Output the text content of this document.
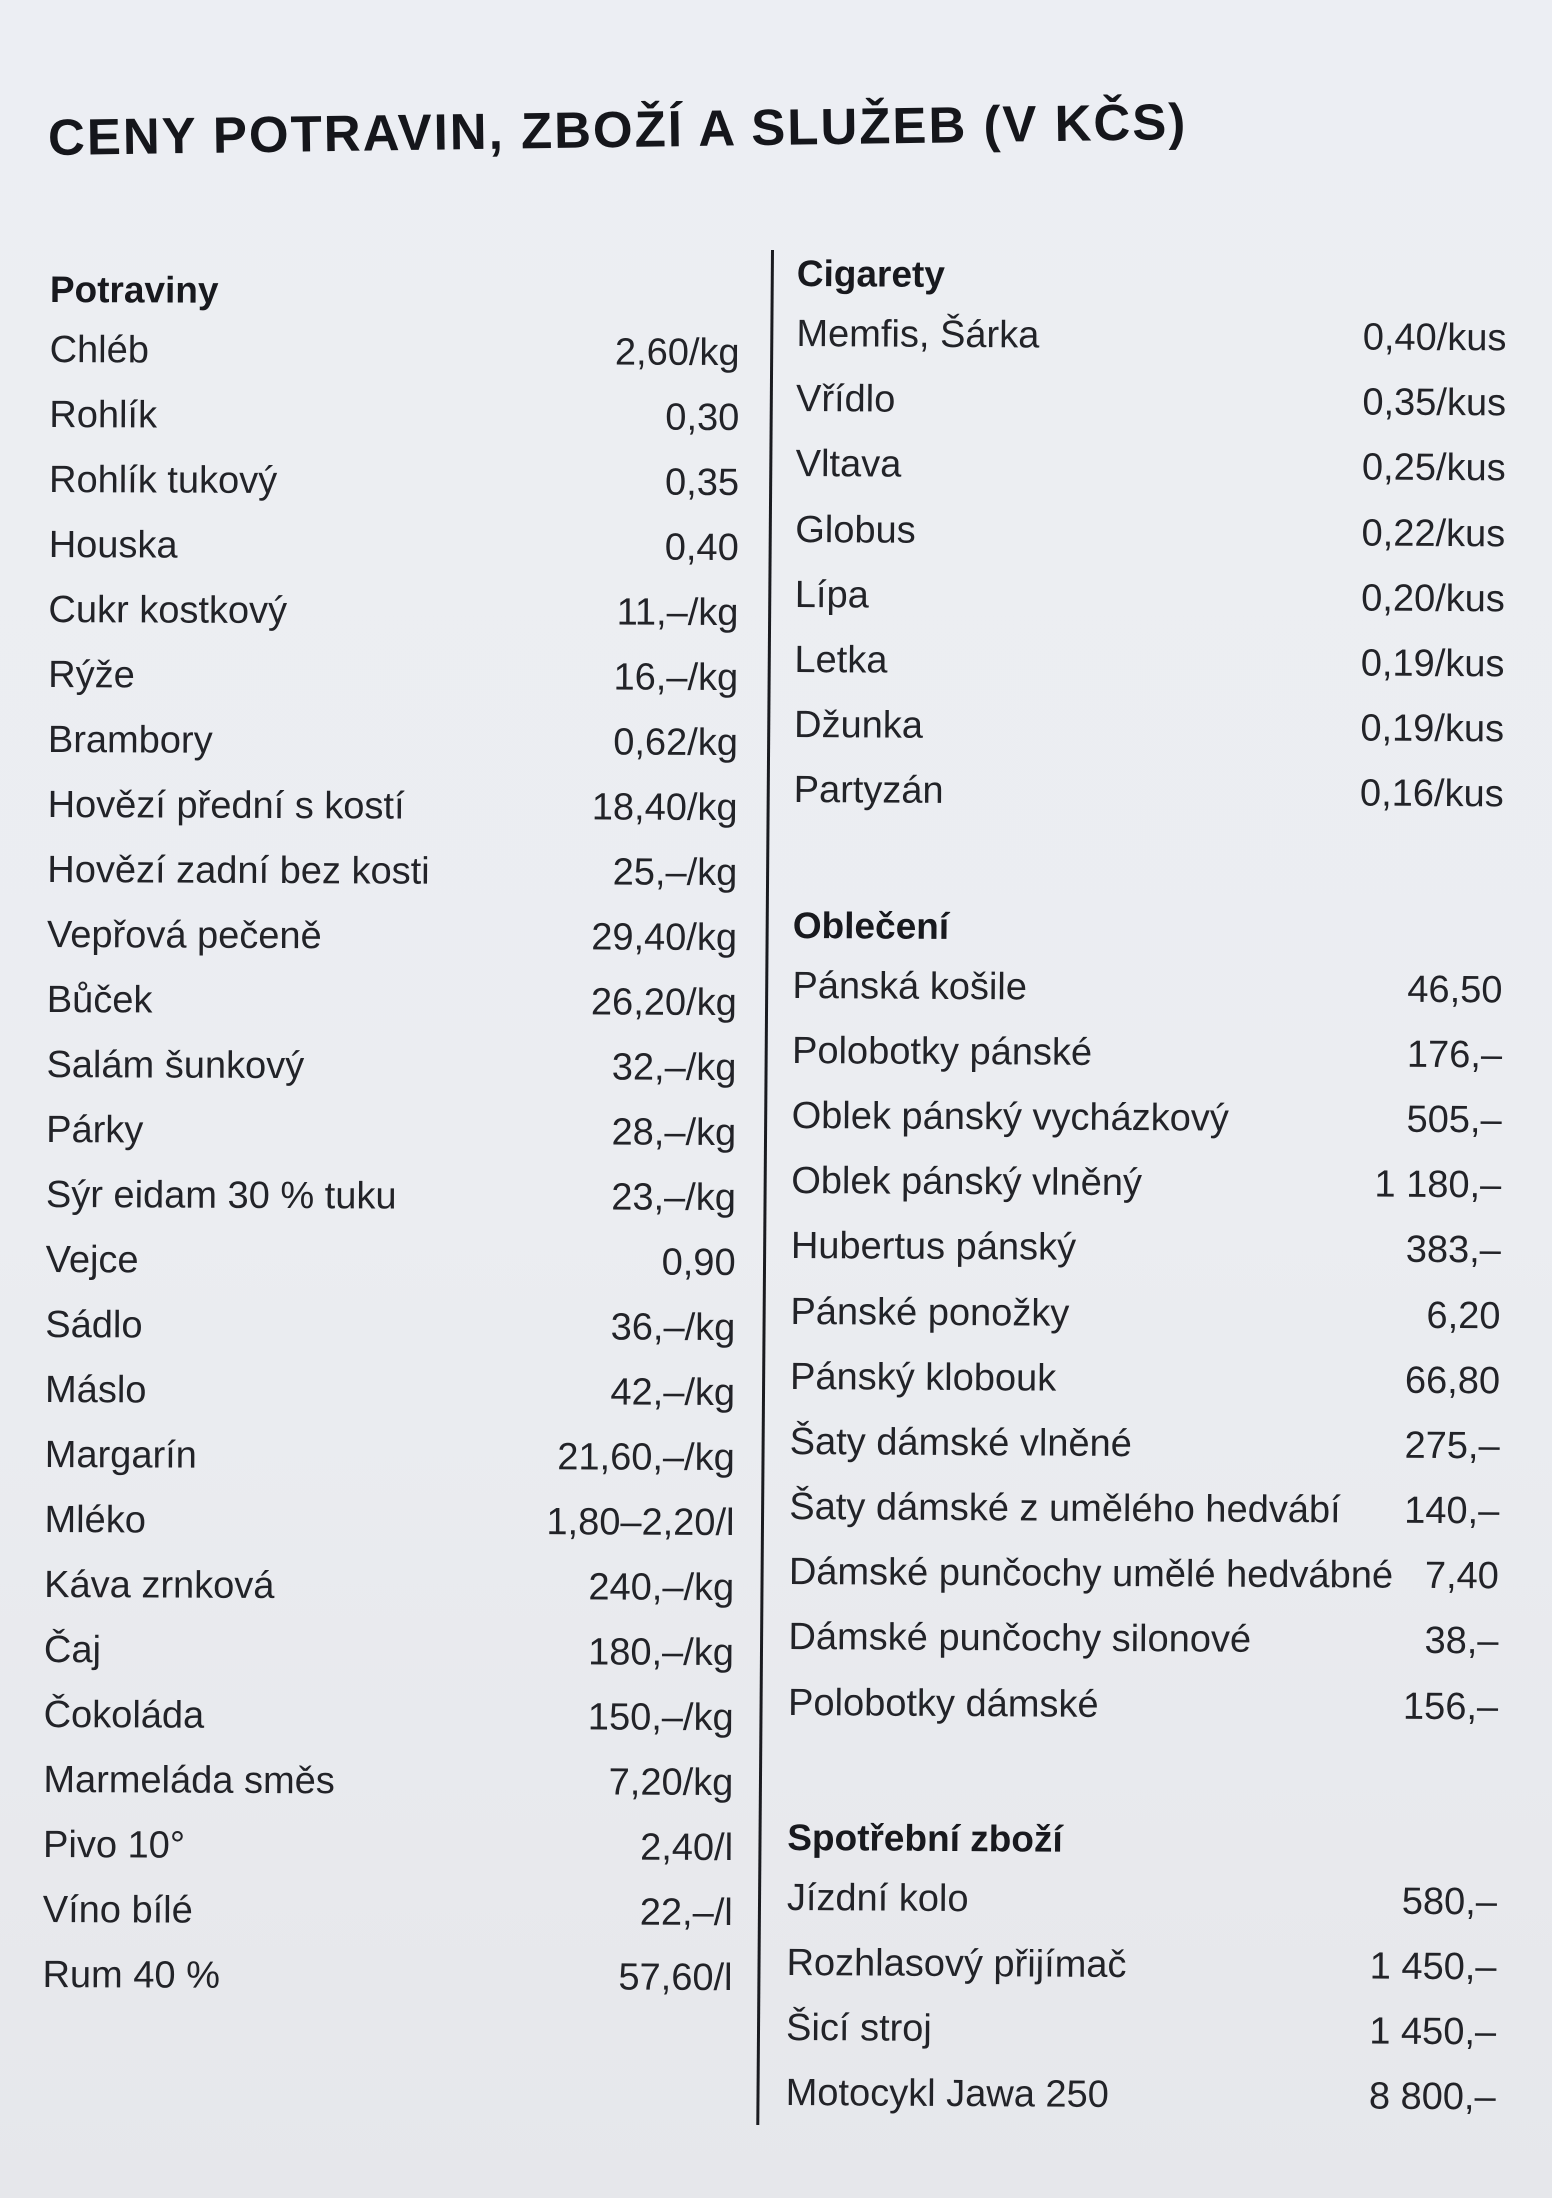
CENY POTRAVIN, ZBOŽÍ A SLUŽEB (V KČS)
Potraviny
Chléb	2,60/kg
Rohlík	0,30
Rohlík tukový	0,35
Houska	0,40
Cukr kostkový	11,–/kg
Rýže	16,–/kg
Brambory	0,62/kg
Hovězí přední s kostí	18,40/kg
Hovězí zadní bez kosti	25,–/kg
Vepřová pečeně	29,40/kg
Bůček	26,20/kg
Salám šunkový	32,–/kg
Párky	28,–/kg
Sýr eidam 30 % tuku	23,–/kg
Vejce	0,90
Sádlo	36,–/kg
Máslo	42,–/kg
Margarín	21,60,–/kg
Mléko	1,80–2,20/l
Káva zrnková	240,–/kg
Čaj	180,–/kg
Čokoláda	150,–/kg
Marmeláda směs	7,20/kg
Pivo 10°	2,40/l
Víno bílé	22,–/l
Rum 40 %	57,60/l
Cigarety
Memfis, Šárka	0,40/kus
Vřídlo	0,35/kus
Vltava	0,25/kus
Globus	0,22/kus
Lípa	0,20/kus
Letka	0,19/kus
Džunka	0,19/kus
Partyzán	0,16/kus
Oblečení
Pánská košile	46,50
Polobotky pánské	176,–
Oblek pánský vycházkový	505,–
Oblek pánský vlněný	1 180,–
Hubertus pánský	383,–
Pánské ponožky	6,20
Pánský klobouk	66,80
Šaty dámské vlněné	275,–
Šaty dámské z umělého hedvábí 140,–
Dámské punčochy umělé hedvábné 7,40
Dámské punčochy silonové	38,–
Polobotky dámské	156,–
Spotřební zboží
Jízdní kolo	580,–
Rozhlasový přijímač	1 450,–
Šicí stroj	1 450,–
Motocykl Jawa 250	8 800,–
